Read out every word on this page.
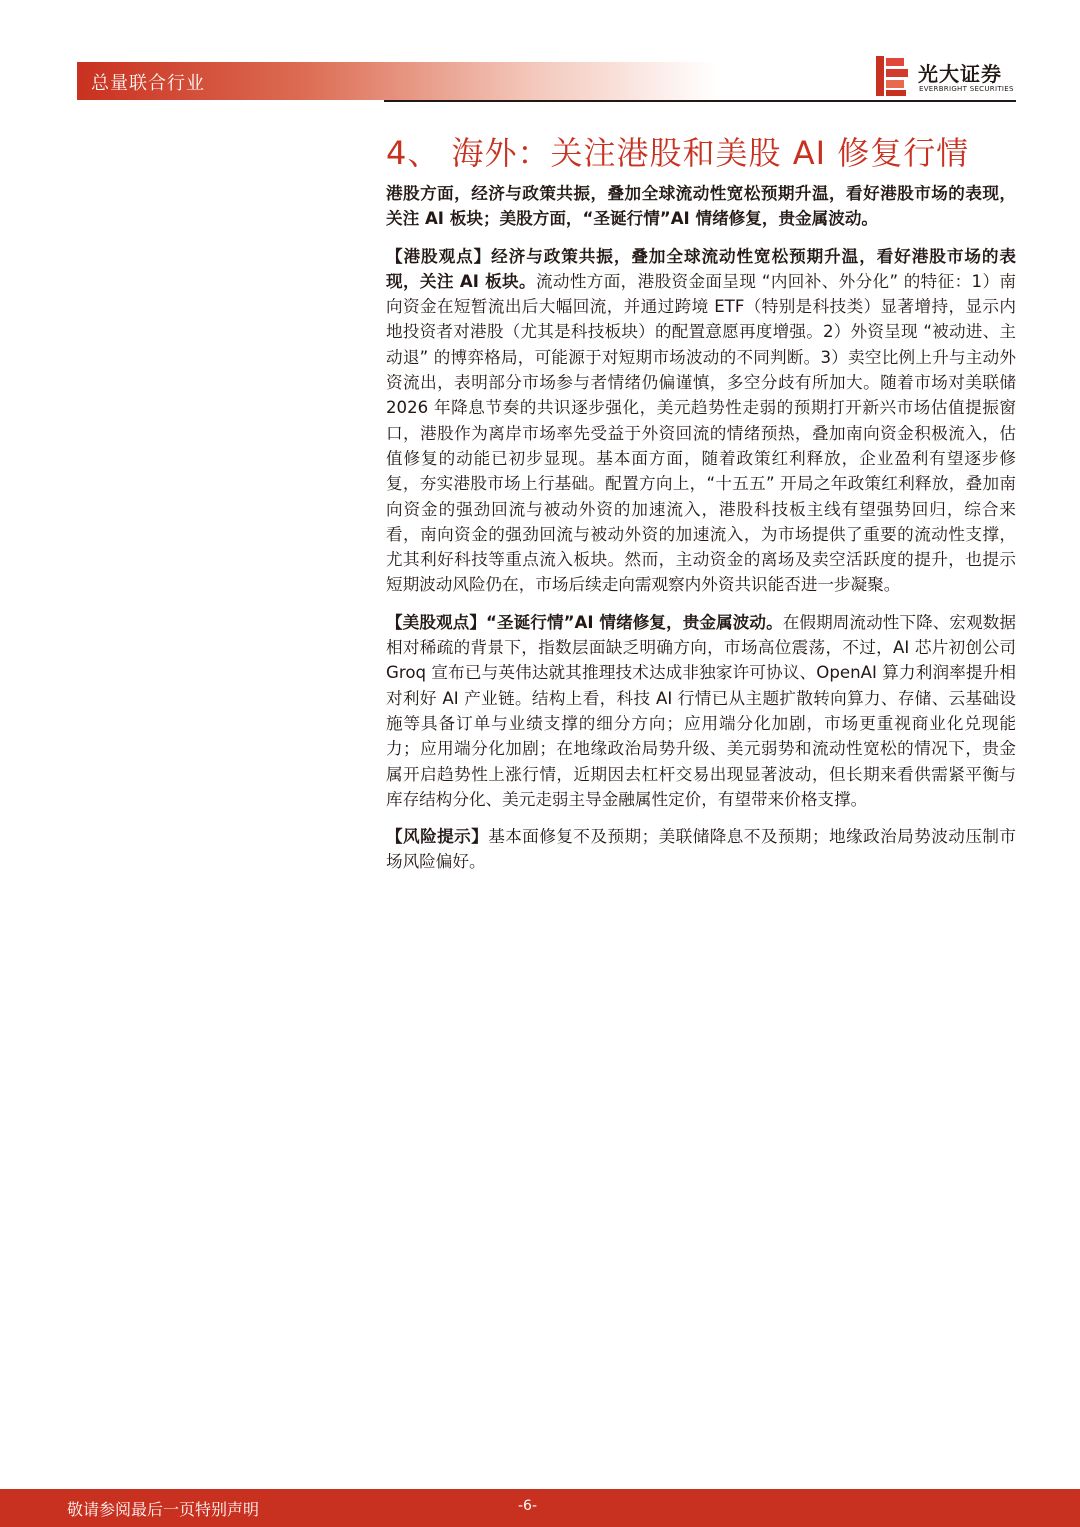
总量联合行业	光大证券
EVERBRIGHT SECURITIES
4、 海外：关注港股和美股 AI 修复行情

港股方面，经济与政策共振，叠加全球流动性宽松预期升温，看好港股市场的表现，关注 AI 板块；美股方面，“圣诞行情”AI 情绪修复，贵金属波动。

【港股观点】经济与政策共振，叠加全球流动性宽松预期升温，看好港股市场的表现，关注 AI 板块。流动性方面，港股资金面呈现 “内回补、外分化” 的特征：1）南向资金在短暂流出后大幅回流，并通过跨境 ETF（特别是科技类）显著增持，显示内地投资者对港股（尤其是科技板块）的配置意愿再度增强。2）外资呈现 “被动进、主动退” 的博弈格局，可能源于对短期市场波动的不同判断。3）卖空比例上升与主动外资流出，表明部分市场参与者情绪仍偏谨慎，多空分歧有所加大。随着市场对美联储 2026 年降息节奏的共识逐步强化，美元趋势性走弱的预期打开新兴市场估值提振窗口，港股作为离岸市场率先受益于外资回流的情绪预热，叠加南向资金积极流入，估值修复的动能已初步显现。基本面方面，随着政策红利释放，企业盈利有望逐步修复，夯实港股市场上行基础。配置方向上，“十五五” 开局之年政策红利释放，叠加南向资金的强劲回流与被动外资的加速流入，港股科技板主线有望强势回归，综合来看，南向资金的强劲回流与被动外资的加速流入，为市场提供了重要的流动性支撑，尤其利好科技等重点流入板块。然而，主动资金的离场及卖空活跃度的提升，也提示短期波动风险仍在，市场后续走向需观察内外资共识能否进一步凝聚。

【美股观点】“圣诞行情”AI 情绪修复，贵金属波动。在假期周流动性下降、宏观数据相对稀疏的背景下，指数层面缺乏明确方向，市场高位震荡，不过，AI 芯片初创公司 Groq 宣布已与英伟达就其推理技术达成非独家许可协议、OpenAI 算力利润率提升相对利好 AI 产业链。结构上看，科技 AI 行情已从主题扩散转向算力、存储、云基础设施等具备订单与业绩支撑的细分方向；应用端分化加剧，市场更重视商业化兑现能力；应用端分化加剧；在地缘政治局势升级、美元弱势和流动性宽松的情况下，贵金属开启趋势性上涨行情，近期因去杠杆交易出现显著波动，但长期来看供需紧平衡与库存结构分化、美元走弱主导金融属性定价，有望带来价格支撑。

【风险提示】基本面修复不及预期；美联储降息不及预期；地缘政治局势波动压制市场风险偏好。

敬请参阅最后一页特别声明	-6-
